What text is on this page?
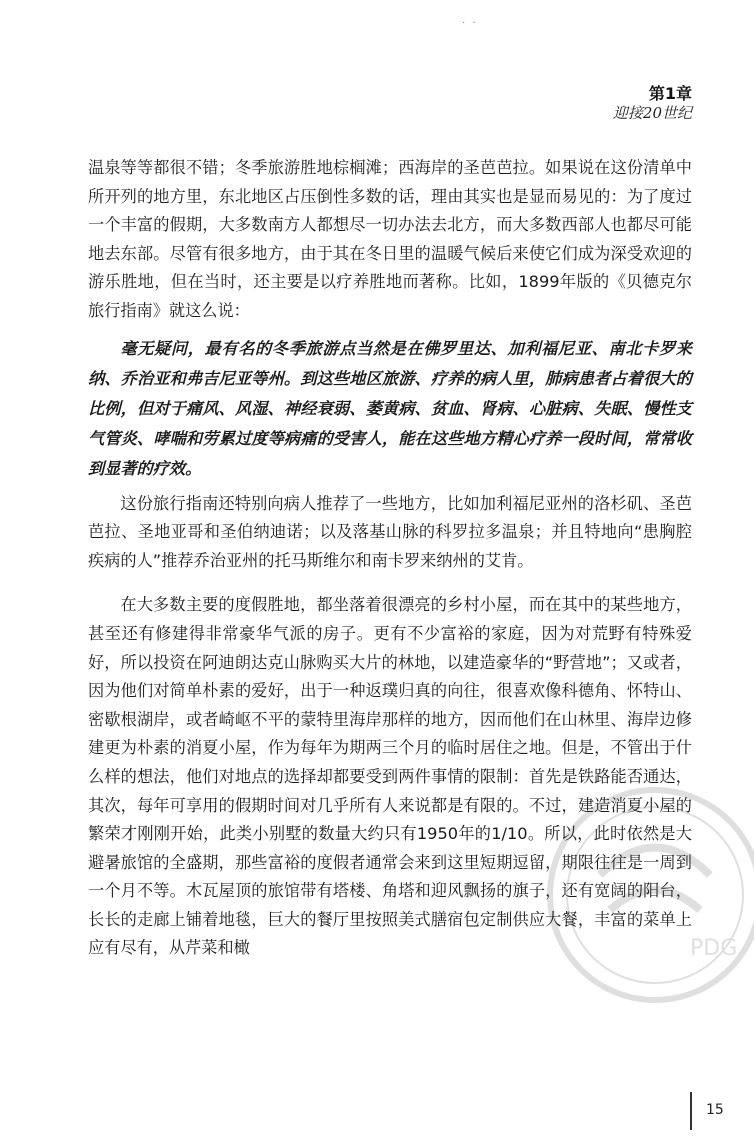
· ·
第1章
迎接20世纪

温泉等等都很不错；冬季旅游胜地棕榈滩；西海岸的圣芭芭拉。如果说在这份清单中所开列的地方里，东北地区占压倒性多数的话，理由其实也是显而易见的：为了度过一个丰富的假期，大多数南方人都想尽一切办法去北方，而大多数西部人也都尽可能地去东部。尽管有很多地方，由于其在冬日里的温暖气候后来使它们成为深受欢迎的游乐胜地，但在当时，还主要是以疗养胜地而著称。比如，1899年版的《贝德克尔旅行指南》就这么说：

毫无疑问，最有名的冬季旅游点当然是在佛罗里达、加利福尼亚、南北卡罗来纳、乔治亚和弗吉尼亚等州。到这些地区旅游、疗养的病人里，肺病患者占着很大的比例，但对于痛风、风湿、神经衰弱、萎黄病、贫血、肾病、心脏病、失眠、慢性支气管炎、哮喘和劳累过度等病痛的受害人，能在这些地方精心疗养一段时间，常常收到显著的疗效。

这份旅行指南还特别向病人推荐了一些地方，比如加利福尼亚州的洛杉矶、圣芭芭拉、圣地亚哥和圣伯纳迪诺；以及落基山脉的科罗拉多温泉；并且特地向“患胸腔疾病的人”推荐乔治亚州的托马斯维尔和南卡罗来纳州的艾肯。

在大多数主要的度假胜地，都坐落着很漂亮的乡村小屋，而在其中的某些地方，甚至还有修建得非常豪华气派的房子。更有不少富裕的家庭，因为对荒野有特殊爱好，所以投资在阿迪朗达克山脉购买大片的林地，以建造豪华的“野营地”；又或者，因为他们对简单朴素的爱好，出于一种返璞归真的向往，很喜欢像科德角、怀特山、密歇根湖岸，或者崎岖不平的蒙特里海岸那样的地方，因而他们在山林里、海岸边修建更为朴素的消夏小屋，作为每年为期两三个月的临时居住之地。但是，不管出于什么样的想法，他们对地点的选择却都要受到两件事情的限制：首先是铁路能否通达，其次，每年可享用的假期时间对几乎所有人来说都是有限的。不过，建造消夏小屋的繁荣才刚刚开始，此类小别墅的数量大约只有1950年的1/10。所以，此时依然是大避暑旅馆的全盛期，那些富裕的度假者通常会来到这里短期逗留，期限往往是一周到一个月不等。木瓦屋顶的旅馆带有塔楼、角塔和迎风飘扬的旗子，还有宽阔的阳台，长长的走廊上铺着地毯，巨大的餐厅里按照美式膳宿包定制供应大餐，丰富的菜单上应有尽有，从芹菜和橄	PDG
15
